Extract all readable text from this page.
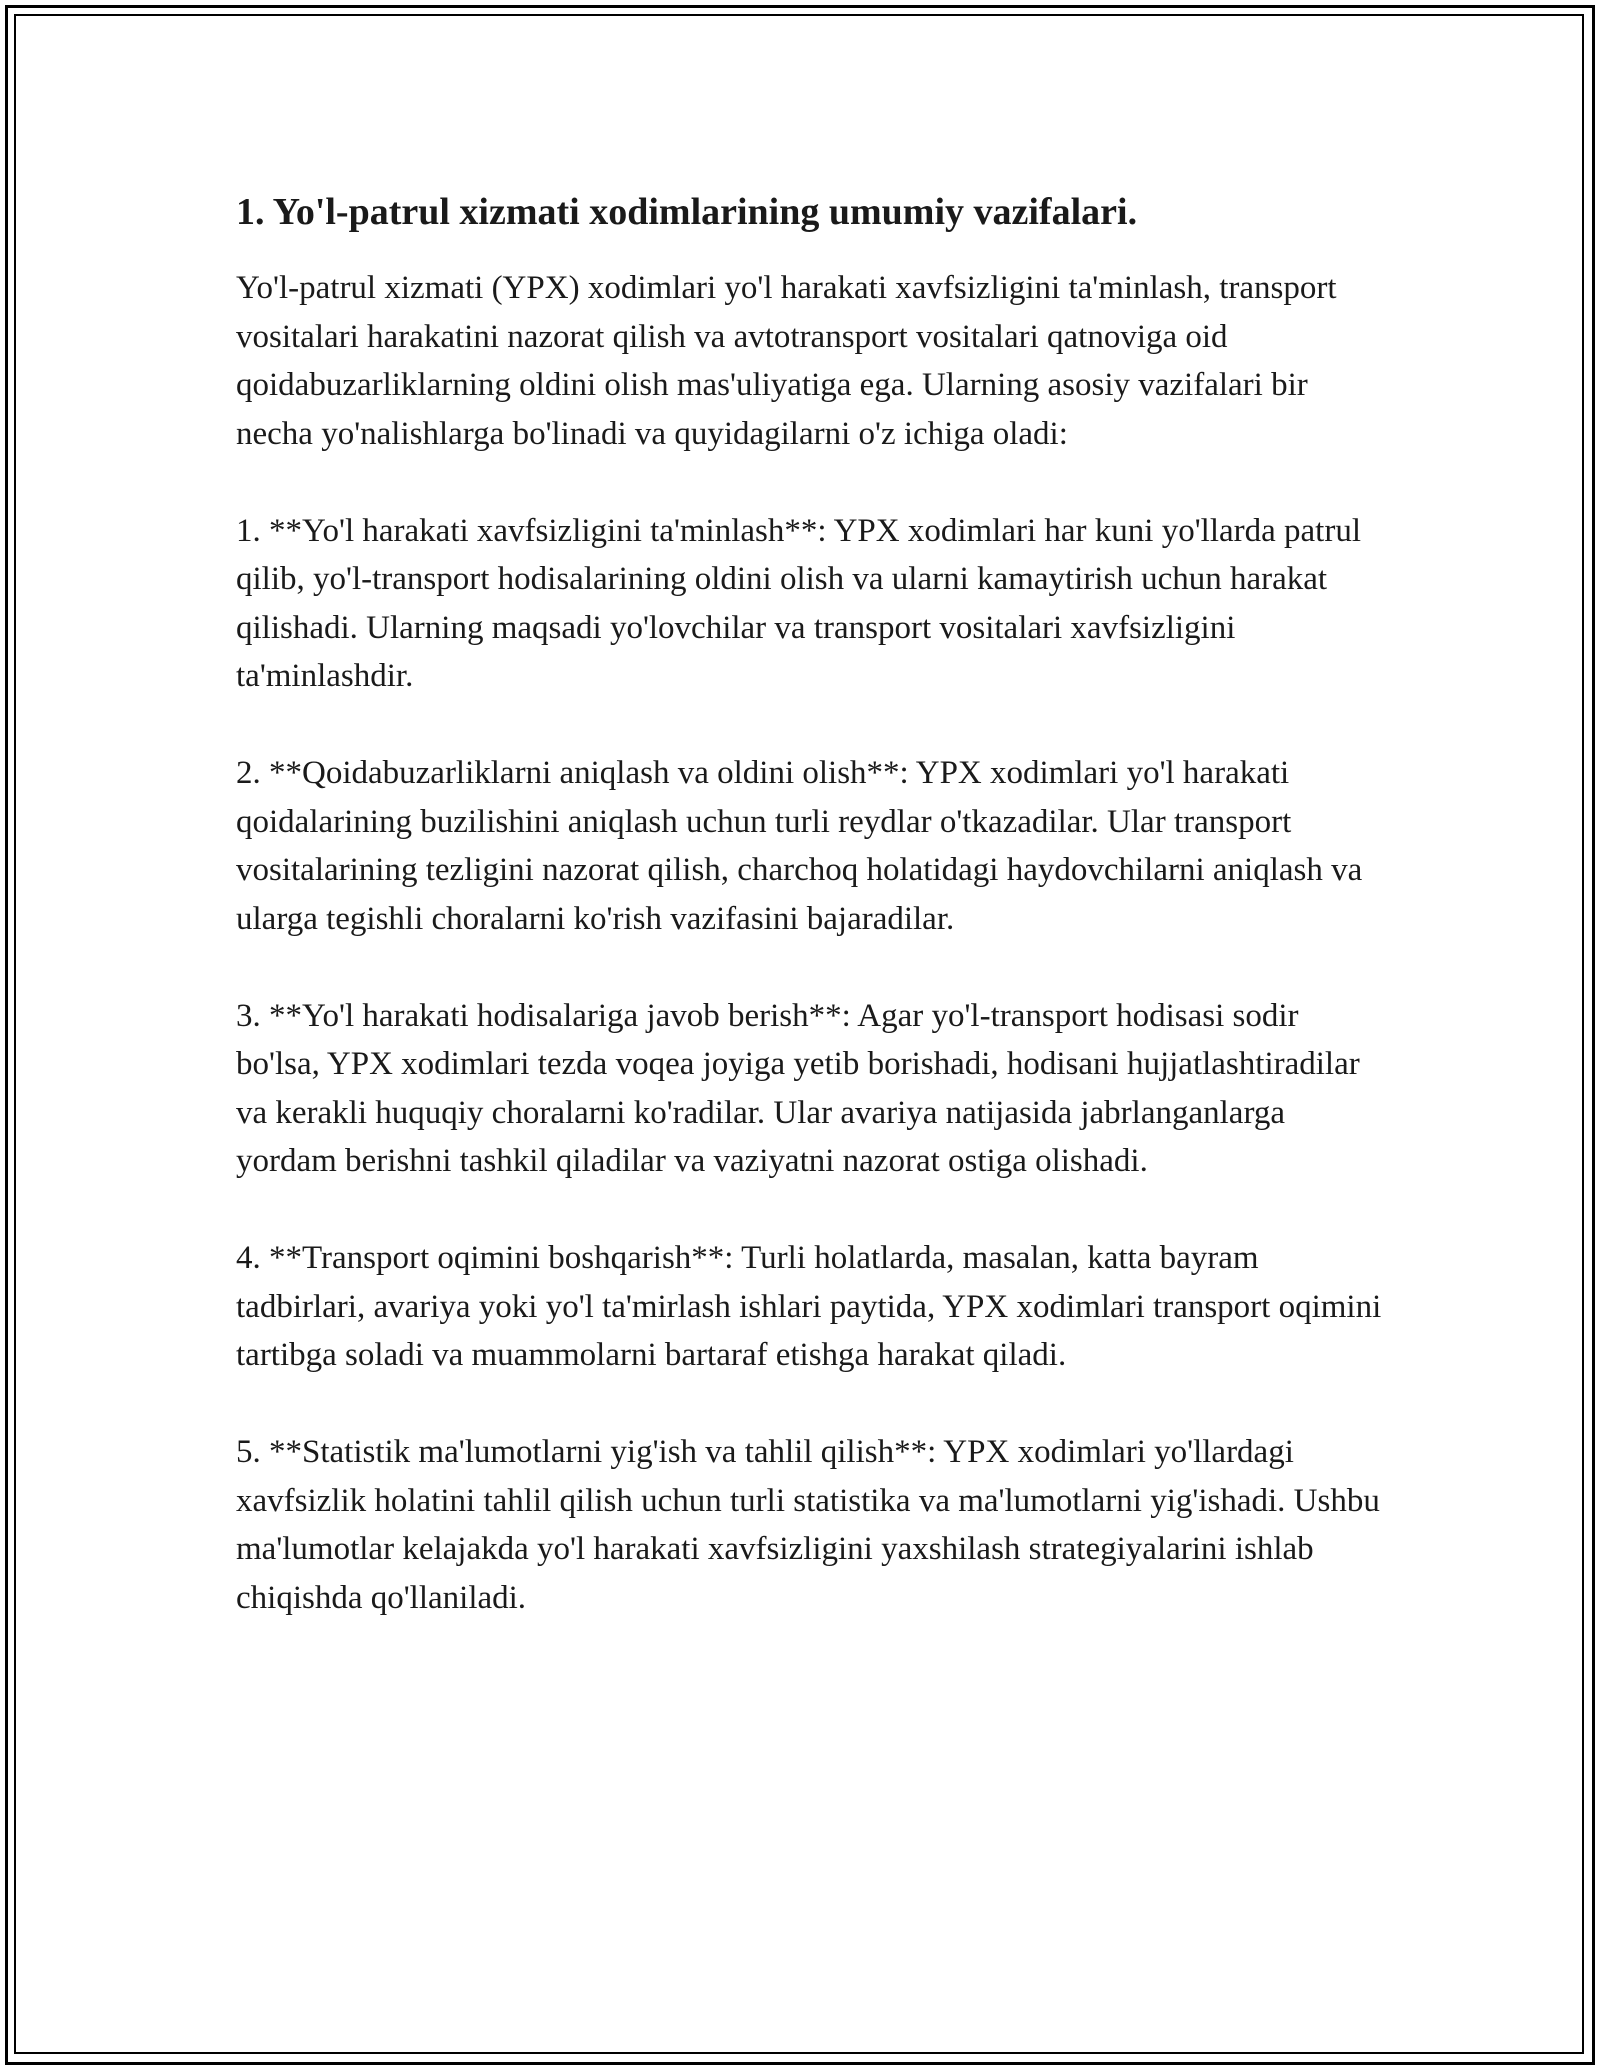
1. Yo'l-patrul xizmati xodimlarining umumiy vazifalari.

Yo'l-patrul xizmati (YPX) xodimlari yo'l harakati xavfsizligini ta'minlash, transport vositalari harakatini nazorat qilish va avtotransport vositalari qatnoviga oid qoidabuzarliklarning oldini olish mas'uliyatiga ega. Ularning asosiy vazifalari bir necha yo'nalishlarga bo'linadi va quyidagilarni o'z ichiga oladi:

1. **Yo'l harakati xavfsizligini ta'minlash**: YPX xodimlari har kuni yo'llarda patrul qilib, yo'l-transport hodisalarining oldini olish va ularni kamaytirish uchun harakat qilishadi. Ularning maqsadi yo'lovchilar va transport vositalari xavfsizligini ta'minlashdir.

2. **Qoidabuzarliklarni aniqlash va oldini olish**: YPX xodimlari yo'l harakati qoidalarining buzilishini aniqlash uchun turli reydlar o'tkazadilar. Ular transport vositalarining tezligini nazorat qilish, charchoq holatidagi haydovchilarni aniqlash va ularga tegishli choralarni ko'rish vazifasini bajaradilar.

3. **Yo'l harakati hodisalariga javob berish**: Agar yo'l-transport hodisasi sodir bo'lsa, YPX xodimlari tezda voqea joyiga yetib borishadi, hodisani hujjatlashtiradilar va kerakli huquqiy choralarni ko'radilar. Ular avariya natijasida jabrlanganlarga yordam berishni tashkil qiladilar va vaziyatni nazorat ostiga olishadi.

4. **Transport oqimini boshqarish**: Turli holatlarda, masalan, katta bayram tadbirlari, avariya yoki yo'l ta'mirlash ishlari paytida, YPX xodimlari transport oqimini tartibga soladi va muammolarni bartaraf etishga harakat qiladi.

5. **Statistik ma'lumotlarni yig'ish va tahlil qilish**: YPX xodimlari yo'llardagi xavfsizlik holatini tahlil qilish uchun turli statistika va ma'lumotlarni yig'ishadi. Ushbu ma'lumotlar kelajakda yo'l harakati xavfsizligini yaxshilash strategiyalarini ishlab chiqishda qo'llaniladi.
